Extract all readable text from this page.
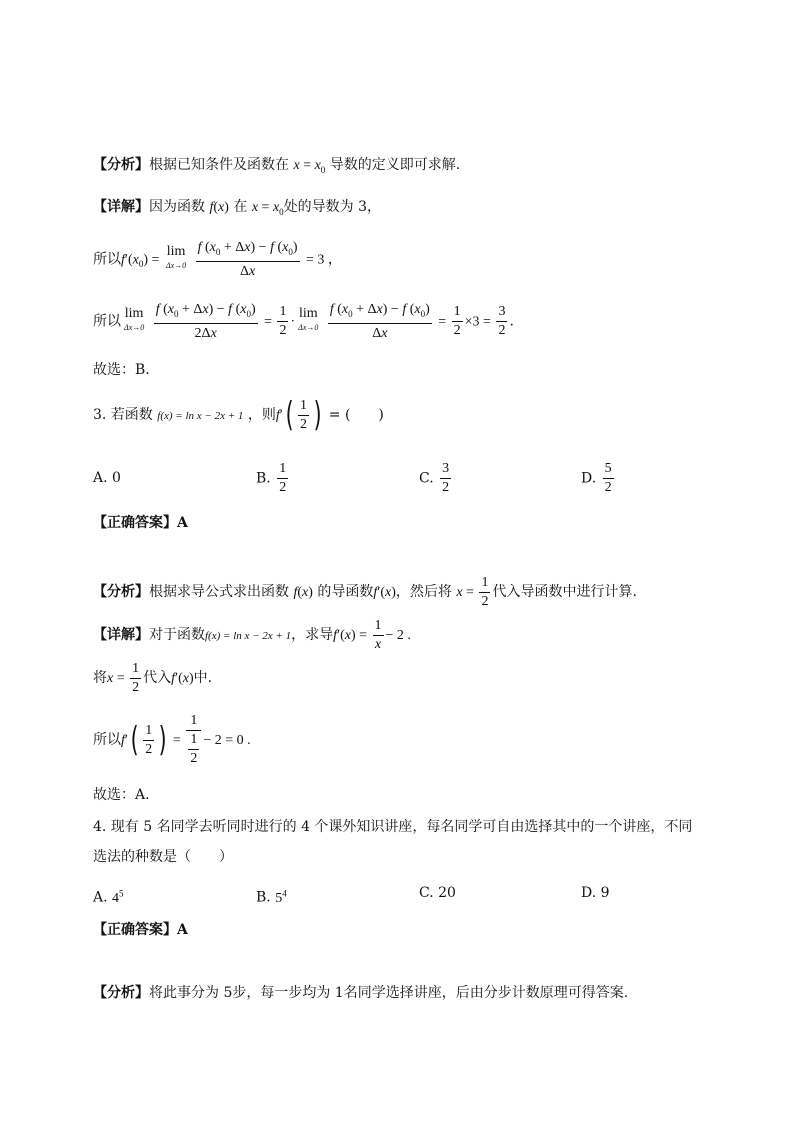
【分析】根据已知条件及函数在 $x = x_0$ 导数的定义即可求解.
【详解】因为函数 f(x) 在 $x = x_0$处的导数为 3，
所以$f'(x_0)$ =
lim
Δx→0
$\frac{f (x_0 + \Delta x) - f (x_0)}{\Delta x} = 3$ ，
所以 lim
Δx→0
$\frac{f (x_0 + \Delta x) - f (x_0)}{2\Delta x} = \frac{1}{2}$ ·
lim
Δx→0
$\frac{f (x_0 + \Delta x) - f (x_0)}{\Delta x} = \frac{1}{2} \times 3 = \frac{3}{2}$ .
故选：B.
3. 若函数 f(x) = ln x − 2x + 1 ，则$f'( \frac{1}{2}$ ) = (　　)
A. 0	B. $\frac{1}{2}$	C. $\frac{3}{2}$	D. $\frac{5}{2}$
【正确答案】A
【分析】根据求导公式求出函数 f(x) 的导函数f′(x)，然后将 $x = \frac{1}{2}$ 代入导函数中进行计算.
【详解】对于函数f(x) = ln x − 2x + 1，求导$f'(x) = \frac{1}{x} - 2$ .
将$x = \frac{1}{2}$ 代入f′(x)中.
所以$f'( \frac{1}{2}$ ) = $\frac{1}{\frac{1}{2}} - 2 = 0$ .
故选：A.
4. 现有 5 名同学去听同时进行的 4 个课外知识讲座，每名同学可自由选择其中的一个讲座，不同
选法的种数是（　　）
A. $4^5$	B. $5^4$	C. 20	D. 9
【正确答案】A
【分析】将此事分为 5步，每一步均为 1名同学选择讲座，后由分步计数原理可得答案.
